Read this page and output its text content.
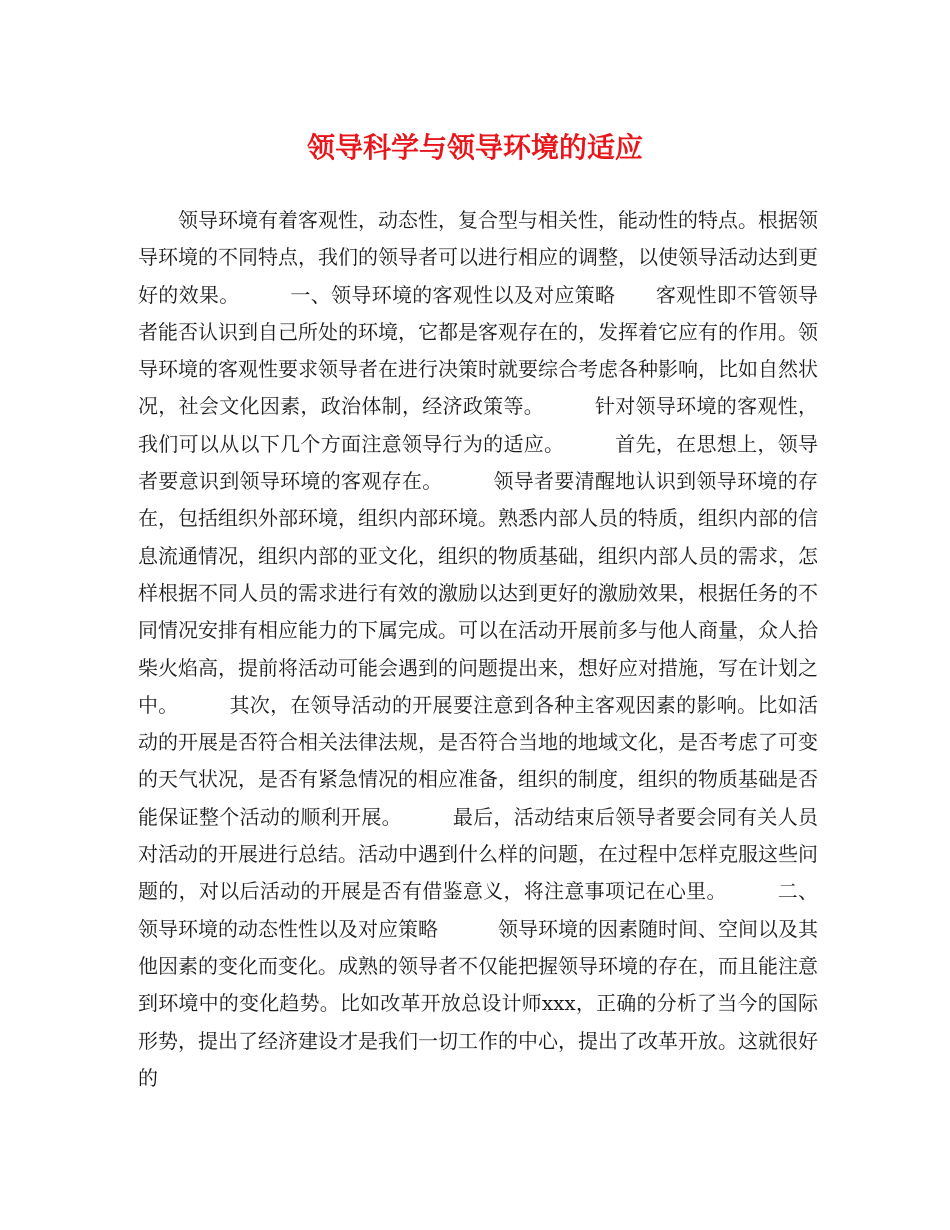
领导科学与领导环境的适应

领导环境有着客观性，动态性，复合型与相关性，能动性的特点。根据领导环境的不同特点，我们的领导者可以进行相应的调整，以使领导活动达到更好的效果。　　　一、领导环境的客观性以及对应策略　　客观性即不管领导者能否认识到自己所处的环境，它都是客观存在的，发挥着它应有的作用。领导环境的客观性要求领导者在进行决策时就要综合考虑各种影响，比如自然状况，社会文化因素，政治体制，经济政策等。　　　针对领导环境的客观性，我们可以从以下几个方面注意领导行为的适应。　　　首先，在思想上，领导者要意识到领导环境的客观存在。　　　领导者要清醒地认识到领导环境的存在，包括组织外部环境，组织内部环境。熟悉内部人员的特质，组织内部的信息流通情况，组织内部的亚文化，组织的物质基础，组织内部人员的需求，怎样根据不同人员的需求进行有效的激励以达到更好的激励效果，根据任务的不同情况安排有相应能力的下属完成。可以在活动开展前多与他人商量，众人拾柴火焰高，提前将活动可能会遇到的问题提出来，想好应对措施，写在计划之中。　　　其次，在领导活动的开展要注意到各种主客观因素的影响。比如活动的开展是否符合相关法律法规，是否符合当地的地域文化，是否考虑了可变的天气状况，是否有紧急情况的相应准备，组织的制度，组织的物质基础是否能保证整个活动的顺利开展。　　　最后，活动结束后领导者要会同有关人员对活动的开展进行总结。活动中遇到什么样的问题，在过程中怎样克服这些问题的，对以后活动的开展是否有借鉴意义，将注意事项记在心里。　　　二、领导环境的动态性性以及对应策略　　　领导环境的因素随时间、空间以及其他因素的变化而变化。成熟的领导者不仅能把握领导环境的存在，而且能注意到环境中的变化趋势。比如改革开放总设计师xxx，正确的分析了当今的国际形势，提出了经济建设才是我们一切工作的中心，提出了改革开放。这就很好的
